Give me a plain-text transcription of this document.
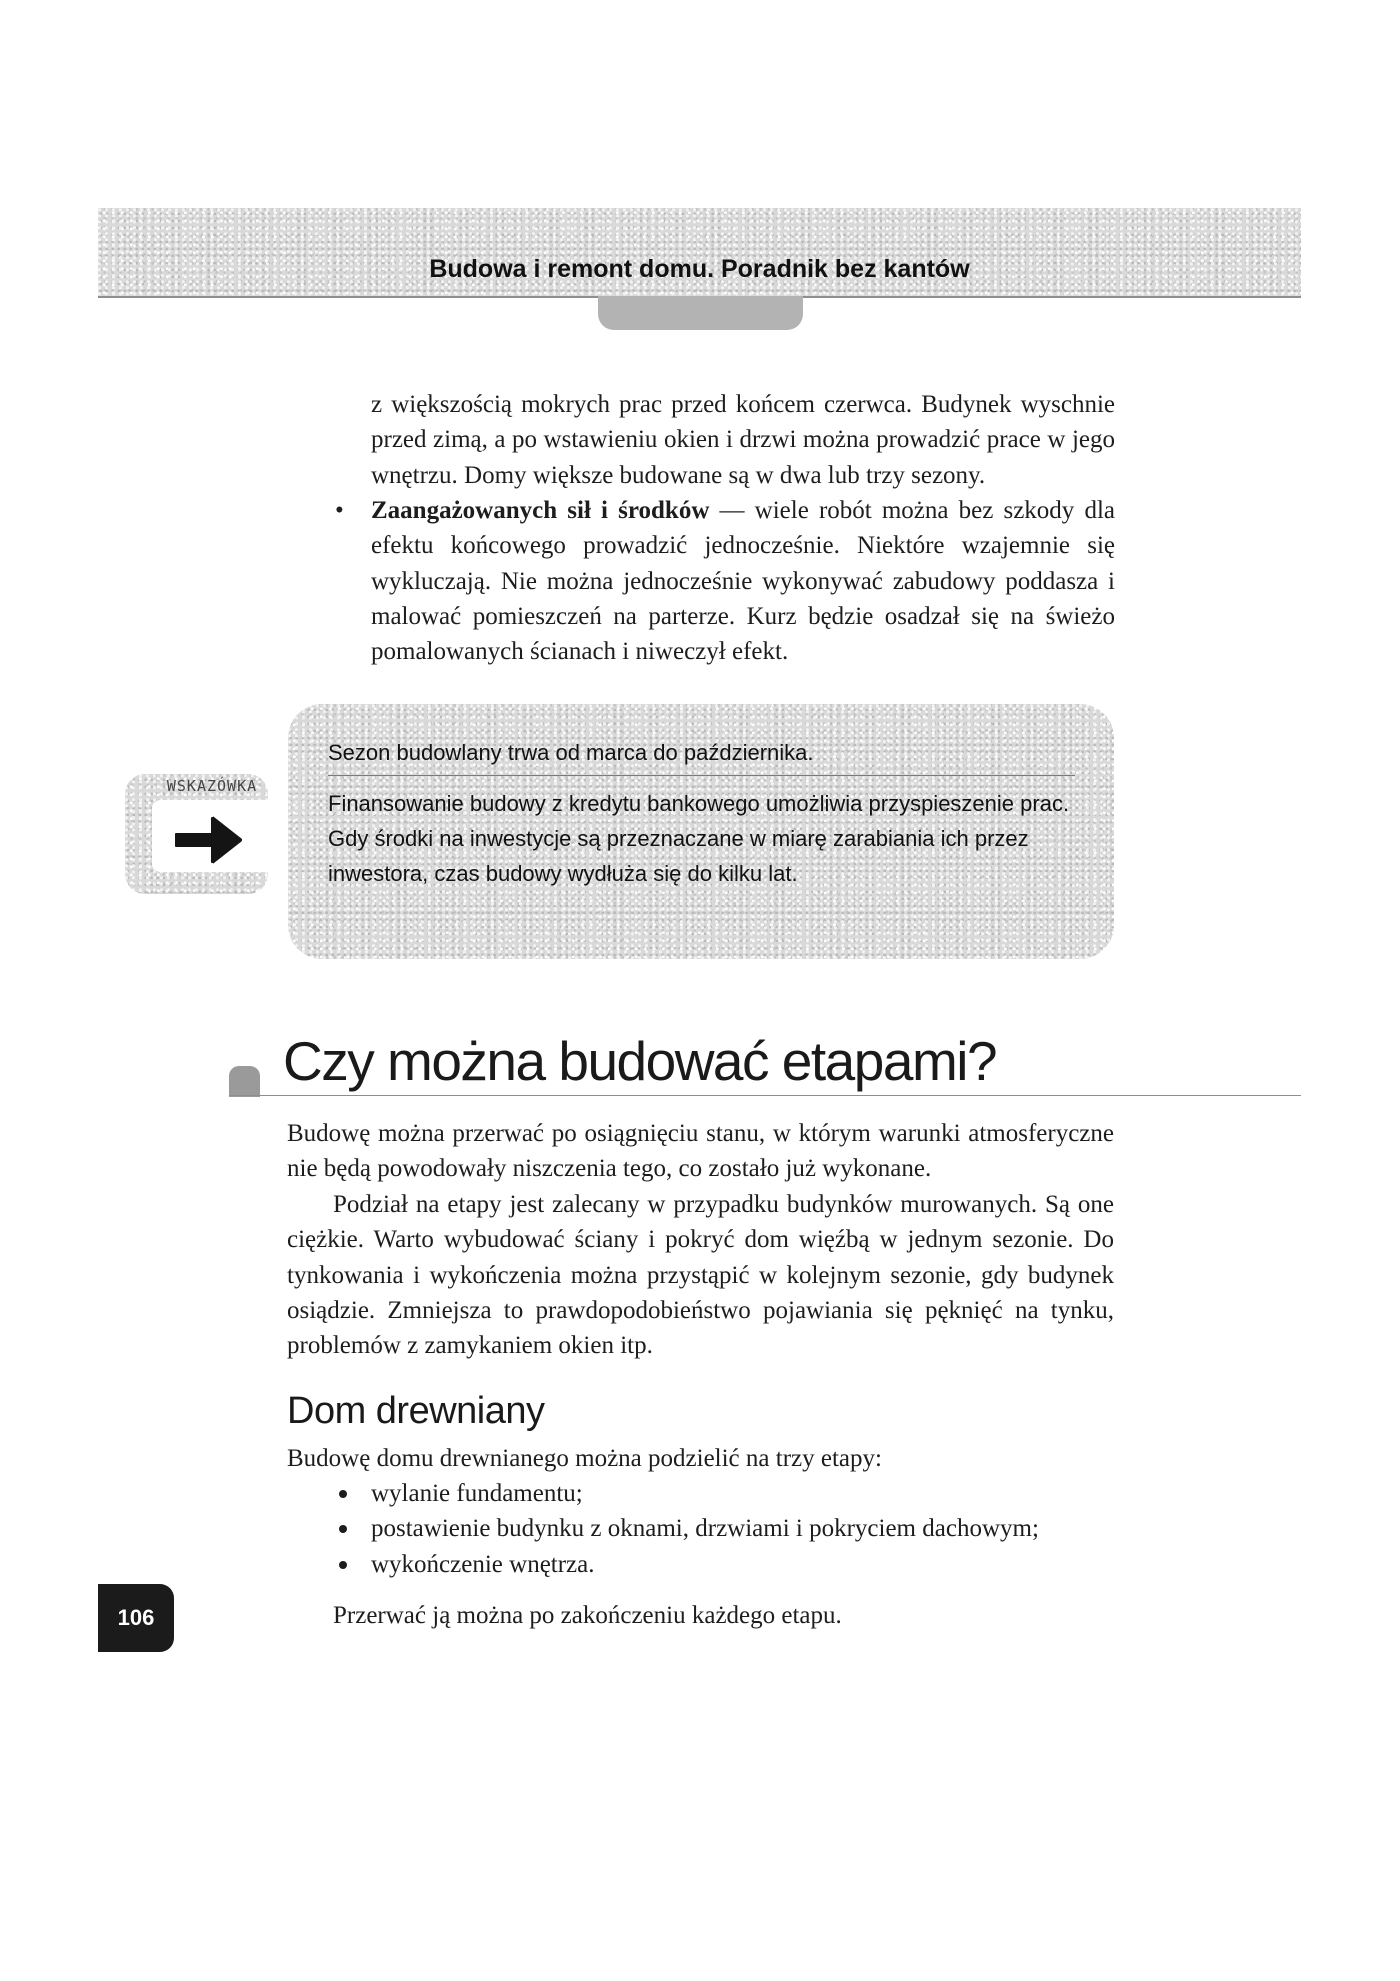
Budowa i remont domu. Poradnik bez kantów

z większością mokrych prac przed końcem czerwca. Budynek wyschnie przed zimą, a po wstawieniu okien i drzwi można prowadzić prace w jego wnętrzu. Domy większe budowane są w dwa lub trzy sezony.

• Zaangażowanych sił i środków — wiele robót można bez szkody dla efektu końcowego prowadzić jednocześnie. Niektóre wzajemnie się wykluczają. Nie można jednocześnie wykonywać zabudowy poddasza i malować pomieszczeń na parterze. Kurz będzie osadzał się na świeżo pomalowanych ścianach i niweczył efekt.

Sezon budowlany trwa od marca do października.
Finansowanie budowy z kredytu bankowego umożliwia przyspieszenie prac. Gdy środki na inwestycje są przeznaczane w miarę zarabiania ich przez inwestora, czas budowy wydłuża się do kilku lat.
WSKAZÓWKA
Czy można budować etapami?

Budowę można przerwać po osiągnięciu stanu, w którym warunki atmosferyczne nie będą powodowały niszczenia tego, co zostało już wykonane.

Podział na etapy jest zalecany w przypadku budynków murowanych. Są one ciężkie. Warto wybudować ściany i pokryć dom więźbą w jednym sezonie. Do tynkowania i wykończenia można przystąpić w kolejnym sezonie, gdy budynek osiądzie. Zmniejsza to prawdopodobieństwo pojawiania się pęknięć na tynku, problemów z zamykaniem okien itp.

Dom drewniany

Budowę domu drewnianego można podzielić na trzy etapy:

wylanie fundamentu;
postawienie budynku z oknami, drzwiami i pokryciem dachowym;
wykończenie wnętrza.

Przerwać ją można po zakończeniu każdego etapu.

106
